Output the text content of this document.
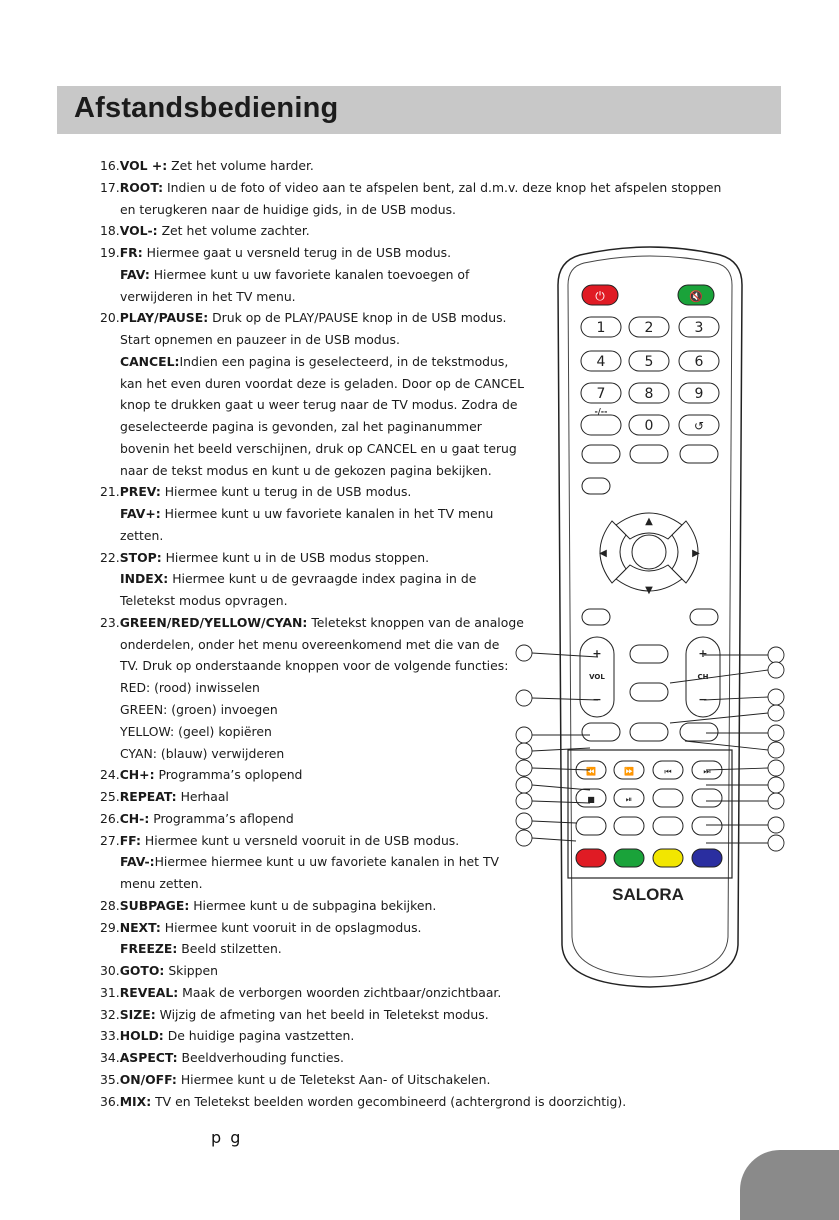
Afstandsbediening
16.VOL +: Zet het volume harder.
17.ROOT: Indien u de foto of video aan te afspelen bent, zal d.m.v. deze knop het afspelen stoppen
en terugkeren naar de huidige gids, in de USB modus.
18.VOL-: Zet het volume zachter.
19.FR: Hiermee gaat u versneld terug in de USB modus.
FAV: Hiermee kunt u uw favoriete kanalen toevoegen of
verwijderen in het TV menu.
20.PLAY/PAUSE: Druk op de PLAY/PAUSE knop in de USB modus.
Start opnemen en pauzeer in de USB modus.
CANCEL:Indien een pagina is geselecteerd, in de tekstmodus,
kan het even duren voordat deze is geladen. Door op de CANCEL
knop te drukken gaat u weer terug naar de TV modus. Zodra de
geselecteerde pagina is gevonden, zal het paginanummer
bovenin het beeld verschijnen, druk op CANCEL en u gaat terug
naar de tekst modus en kunt u de gekozen pagina bekijken.
21.PREV: Hiermee kunt u terug in de USB modus.
FAV+: Hiermee kunt u uw favoriete kanalen in het TV menu
zetten.
22.STOP: Hiermee kunt u in de USB modus stoppen.
INDEX: Hiermee kunt u de gevraagde index pagina in de
Teletekst modus opvragen.
23.GREEN/RED/YELLOW/CYAN: Teletekst knoppen van de analoge
onderdelen, onder het menu overeenkomend met die van de
TV. Druk op onderstaande knoppen voor de volgende functies:
RED: (rood) inwisselen
GREEN: (groen) invoegen
YELLOW: (geel) kopiëren
CYAN: (blauw) verwijderen
24.CH+: Programma’s oplopend
25.REPEAT: Herhaal
26.CH-: Programma’s aflopend
27.FF: Hiermee kunt u versneld vooruit in de USB modus.
FAV-:Hiermee hiermee kunt u uw favoriete kanalen in het TV
menu zetten.
28.SUBPAGE: Hiermee kunt u de subpagina bekijken.
29.NEXT: Hiermee kunt vooruit in de opslagmodus.
FREEZE: Beeld stilzetten.
30.GOTO: Skippen
31.REVEAL: Maak de verborgen woorden zichtbaar/onzichtbaar.
32.SIZE: Wijzig de afmeting van het beeld in Teletekst modus.
33.HOLD: De huidige pagina vastzetten.
34.ASPECT: Beeldverhouding functies.
35.ON/OFF: Hiermee kunt u de Teletekst Aan- of Uitschakelen.
36.MIX: TV en Teletekst beelden worden gecombineerd (achtergrond is doorzichtig).
⏻	🔇
1	2	3
4	5	6
7	8	9
-/--
0	↺
▲
▼
◀	▶
+
VOL
−
+
CH
−
⏪	⏩	⏮	⏭
■	⏯
SALORA
p g
